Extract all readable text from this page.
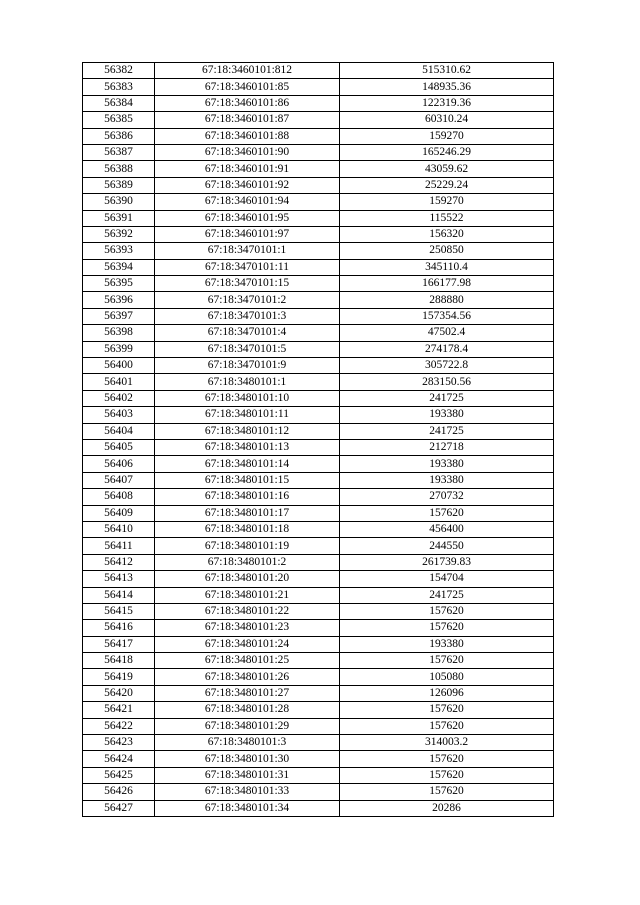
56382	67:18:3460101:812	515310.62
56383	67:18:3460101:85	148935.36
56384	67:18:3460101:86	122319.36
56385	67:18:3460101:87	60310.24
56386	67:18:3460101:88	159270
56387	67:18:3460101:90	165246.29
56388	67:18:3460101:91	43059.62
56389	67:18:3460101:92	25229.24
56390	67:18:3460101:94	159270
56391	67:18:3460101:95	115522
56392	67:18:3460101:97	156320
56393	67:18:3470101:1	250850
56394	67:18:3470101:11	345110.4
56395	67:18:3470101:15	166177.98
56396	67:18:3470101:2	288880
56397	67:18:3470101:3	157354.56
56398	67:18:3470101:4	47502.4
56399	67:18:3470101:5	274178.4
56400	67:18:3470101:9	305722.8
56401	67:18:3480101:1	283150.56
56402	67:18:3480101:10	241725
56403	67:18:3480101:11	193380
56404	67:18:3480101:12	241725
56405	67:18:3480101:13	212718
56406	67:18:3480101:14	193380
56407	67:18:3480101:15	193380
56408	67:18:3480101:16	270732
56409	67:18:3480101:17	157620
56410	67:18:3480101:18	456400
56411	67:18:3480101:19	244550
56412	67:18:3480101:2	261739.83
56413	67:18:3480101:20	154704
56414	67:18:3480101:21	241725
56415	67:18:3480101:22	157620
56416	67:18:3480101:23	157620
56417	67:18:3480101:24	193380
56418	67:18:3480101:25	157620
56419	67:18:3480101:26	105080
56420	67:18:3480101:27	126096
56421	67:18:3480101:28	157620
56422	67:18:3480101:29	157620
56423	67:18:3480101:3	314003.2
56424	67:18:3480101:30	157620
56425	67:18:3480101:31	157620
56426	67:18:3480101:33	157620
56427	67:18:3480101:34	20286
